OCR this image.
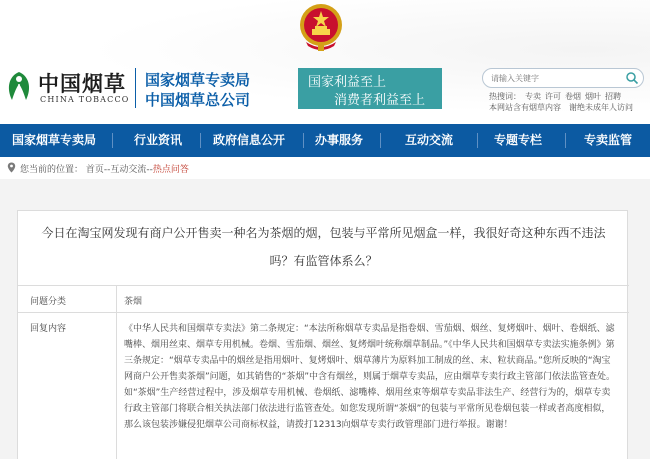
中国烟草
CHINA TOBACCO
国家烟草专卖局
中国烟草总公司
国家利益至上
消费者利益至上
请输入关键字	热搜词： 专卖 许可 卷烟 烟叶 招聘
本网站含有烟草内容 谢绝未成年人访问
国家烟草专卖局	行业资讯	政府信息公开 办事服务	互动交流	专题专栏	专卖监管
您当前的位置： 首页--互动交流--热点问答
今日在淘宝网发现有商户公开售卖一种名为茶烟的烟，包装与平常所见烟盒一样，我很好奇这种东西不违法吗？有监管体系么？
问题分类	茶烟
回复内容	《中华人民共和国烟草专卖法》第二条规定：“本法所称烟草专卖品是指卷烟、雪茄烟、烟丝、复烤烟叶、烟叶、卷烟纸、滤嘴棒、烟用丝束、烟草专用机械。卷烟、雪茄烟、烟丝、复烤烟叶统称烟草制品。”《中华人民共和国烟草专卖法实施条例》第三条规定：“烟草专卖品中的烟丝是指用烟叶、复烤烟叶、烟草薄片为原料加工制成的丝、末、粒状商品。”您所反映的“淘宝网商户公开售卖茶烟”问题，如其销售的“茶烟”中含有烟丝，则属于烟草专卖品，应由烟草专卖行政主管部门依法监管查处。如“茶烟”生产经营过程中，涉及烟草专用机械、卷烟纸、滤嘴棒、烟用丝束等烟草专卖品非法生产、经营行为的，烟草专卖行政主管部门将联合相关执法部门依法进行监管查处。如您发现所谓“茶烟”的包装与平常所见卷烟包装一样或者高度相似，那么该包装涉嫌侵犯烟草公司商标权益，请拨打12313向烟草专卖行政管理部门进行举报。谢谢！
